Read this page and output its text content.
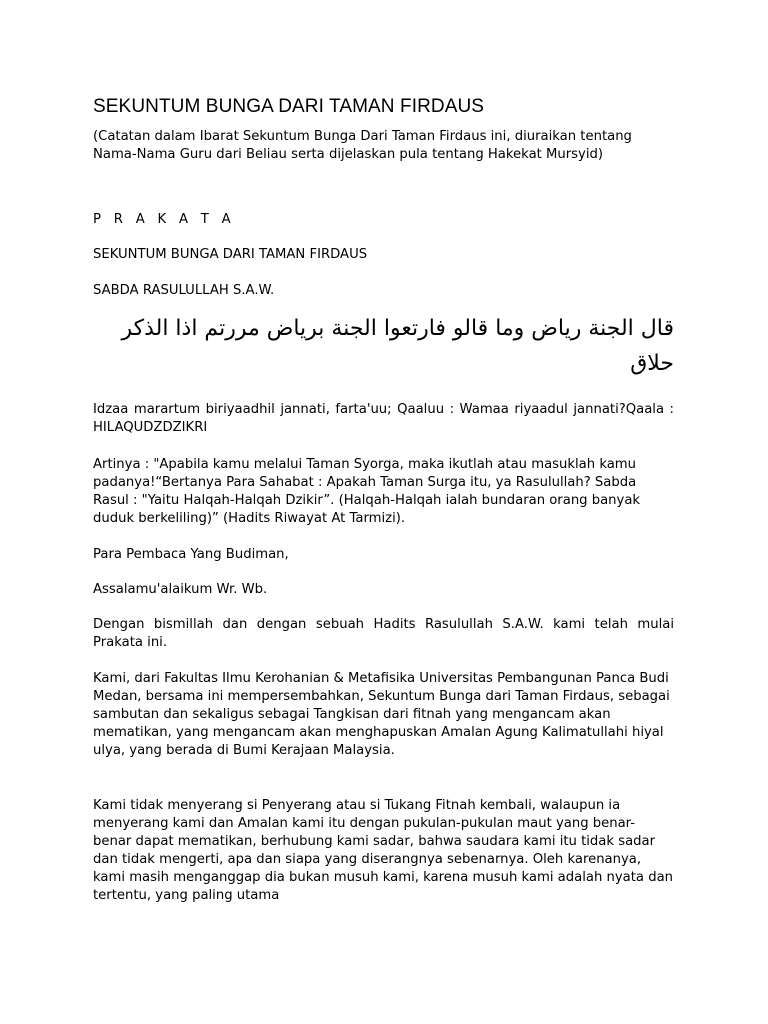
SEKUNTUM BUNGA DARI TAMAN FIRDAUS

(Catatan dalam Ibarat Sekuntum Bunga Dari Taman Firdaus ini, diuraikan tentang Nama-Nama Guru dari Beliau serta dijelaskan pula tentang Hakekat Mursyid)

P R A K A T A

SEKUNTUM BUNGA DARI TAMAN FIRDAUS

SABDA RASULULLAH S.A.W.

قال الجنة رياض وما قالو فارتعوا الجنة برياض مررتم اذا الذكر حلاق

Idzaa marartum biriyaadhil jannati, farta'uu; Qaaluu : Wamaa riyaadul jannati?Qaala : HILAQUDZDZIKRI

Artinya : "Apabila kamu melalui Taman Syorga, maka ikutlah atau masuklah kamu padanya!“Bertanya Para Sahabat : Apakah Taman Surga itu, ya Rasulullah? Sabda Rasul : "Yaitu Halqah-Halqah Dzikir”. (Halqah-Halqah ialah bundaran orang banyak duduk berkeliling)” (Hadits Riwayat At Tarmizi).

Para Pembaca Yang Budiman,

Assalamu'alaikum Wr. Wb.

Dengan bismillah dan dengan sebuah Hadits Rasulullah S.A.W. kami telah mulai Prakata ini.

Kami, dari Fakultas Ilmu Kerohanian & Metafisika Universitas Pembangunan Panca Budi Medan, bersama ini mempersembahkan, Sekuntum Bunga dari Taman Firdaus, sebagai sambutan dan sekaligus sebagai Tangkisan dari fitnah yang mengancam akan mematikan, yang mengancam akan menghapuskan Amalan Agung Kalimatullahi hiyal ulya, yang berada di Bumi Kerajaan Malaysia.

Kami tidak menyerang si Penyerang atau si Tukang Fitnah kembali, walaupun ia menyerang kami dan Amalan kami itu dengan pukulan-pukulan maut yang benar- benar dapat mematikan, berhubung kami sadar, bahwa saudara kami itu tidak sadar dan tidak mengerti, apa dan siapa yang diserangnya sebenarnya. Oleh karenanya, kami masih menganggap dia bukan musuh kami, karena musuh kami adalah nyata dan tertentu, yang paling utama
